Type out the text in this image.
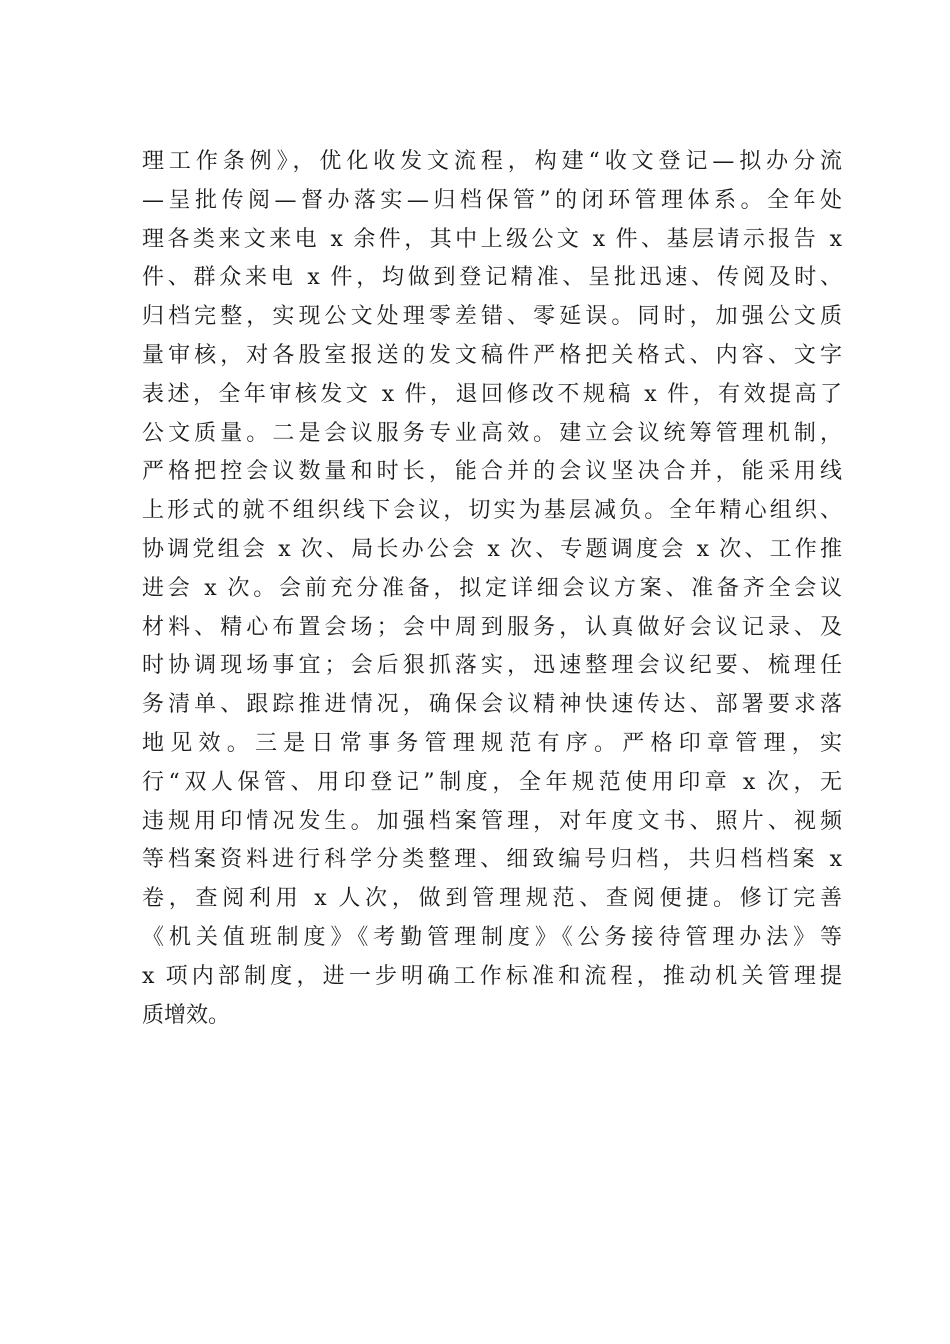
理工作条例》，优化收发文流程，构建“收文登记—拟办分流
—呈批传阅—督办落实—归档保管”的闭环管理体系。全年处
理各类来文来电 x 余件，其中上级公文 x 件、基层请示报告 x
件、群众来电 x 件，均做到登记精准、呈批迅速、传阅及时、
归档完整，实现公文处理零差错、零延误。同时，加强公文质
量审核，对各股室报送的发文稿件严格把关格式、内容、文字
表述，全年审核发文 x 件，退回修改不规稿 x 件，有效提高了
公文质量。二是会议服务专业高效。建立会议统筹管理机制，
严格把控会议数量和时长，能合并的会议坚决合并，能采用线
上形式的就不组织线下会议，切实为基层减负。全年精心组织、
协调党组会 x 次、局长办公会 x 次、专题调度会 x 次、工作推
进会 x 次。会前充分准备，拟定详细会议方案、准备齐全会议
材料、精心布置会场；会中周到服务，认真做好会议记录、及
时协调现场事宜；会后狠抓落实，迅速整理会议纪要、梳理任
务清单、跟踪推进情况，确保会议精神快速传达、部署要求落
地见效。三是日常事务管理规范有序。严格印章管理，实
行“双人保管、用印登记”制度，全年规范使用印章 x 次，无
违规用印情况发生。加强档案管理，对年度文书、照片、视频
等档案资料进行科学分类整理、细致编号归档，共归档档案 x
卷，查阅利用 x 人次，做到管理规范、查阅便捷。修订完善
《机关值班制度》《考勤管理制度》《公务接待管理办法》等
x 项内部制度，进一步明确工作标准和流程，推动机关管理提
质增效。
